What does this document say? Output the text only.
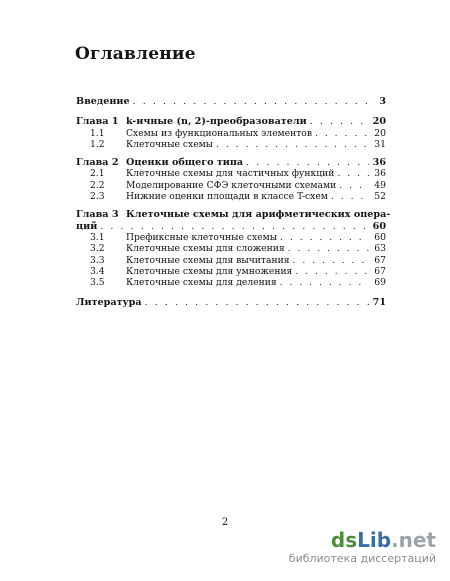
Оглавление
Введение . . .	3
Глава 1 k-ичные (n, 2)-преобразователи . . .	20
1.1	Схемы из функциональных элементов . . .	20
1.2	Клеточные схемы . . .	31
Глава 2 Оценки общего типа . . .	36
2.1	Клеточные схемы для частичных функций . . .	36
2.2	Моделирование СФЭ клеточными схемами . . .	49
2.3	Нижние оценки площади в классе T-схем . . .	52
Глава 3 Клеточные схемы для арифметических опера-
ций . . .	60
3.1	Префиксные клеточные схемы . . .	60
3.2	Клеточные схемы для сложения . . .	63
3.3	Клеточные схемы для вычитания . . .	67
3.4	Клеточные схемы для умножения . . .	67
3.5	Клеточные схемы для деления . . .	69
Литература . . .	71
2
dsLib.net
библиотека диссертаций
